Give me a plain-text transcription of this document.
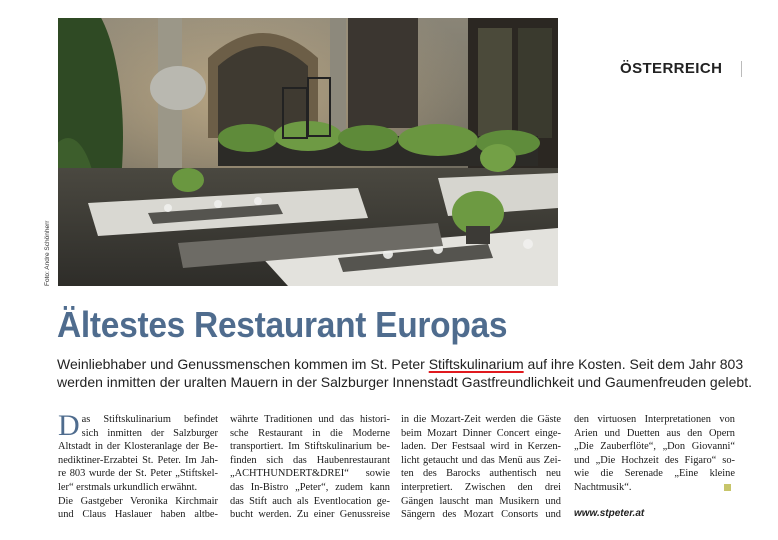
Foto: Andre Schönherr
ÖSTERREICH
Ältestes Restaurant Europas
Weinliebhaber und Genussmenschen kommen im St. Peter Stiftskulinarium auf ihre Kosten. Seit dem Jahr 803
werden inmitten der uralten Mauern in der Salzburger Innenstadt Gastfreundlichkeit und Gaumenfreuden gelebt.
D as Stiftskulinarium befindet
sich inmitten der Salzburger
Altstadt in der Klosteranlage der Be-
nediktiner-Erzabtei St. Peter. Im Jah-
re 803 wurde der St. Peter „Stiftskel-
ler“ erstmals urkundlich erwähnt.
Die Gastgeber Veronika Kirchmair
und Claus Haslauer haben altbe-
währte Traditionen und das histori-
sche Restaurant in die Moderne
transportiert. Im Stiftskulinarium be-
finden sich das Haubenrestaurant
„ACHTHUNDERT&DREI“ sowie
das In-Bistro „Peter“, zudem kann
das Stift auch als Eventlocation ge-
bucht werden. Zu einer Genussreise
in die Mozart-Zeit werden die Gäste
beim Mozart Dinner Concert einge-
laden. Der Festsaal wird in Kerzen-
licht getaucht und das Menü aus Zei-
ten des Barocks authentisch neu
interpretiert. Zwischen den drei
Gängen lauscht man Musikern und
Sängern des Mozart Consorts und
den virtuosen Interpretationen von
Arien und Duetten aus den Opern
„Die Zauberflöte“, „Don Giovanni“
und „Die Hochzeit des Figaro“ so-
wie die Serenade „Eine kleine
Nachtmusik“.
www.stpeter.at
